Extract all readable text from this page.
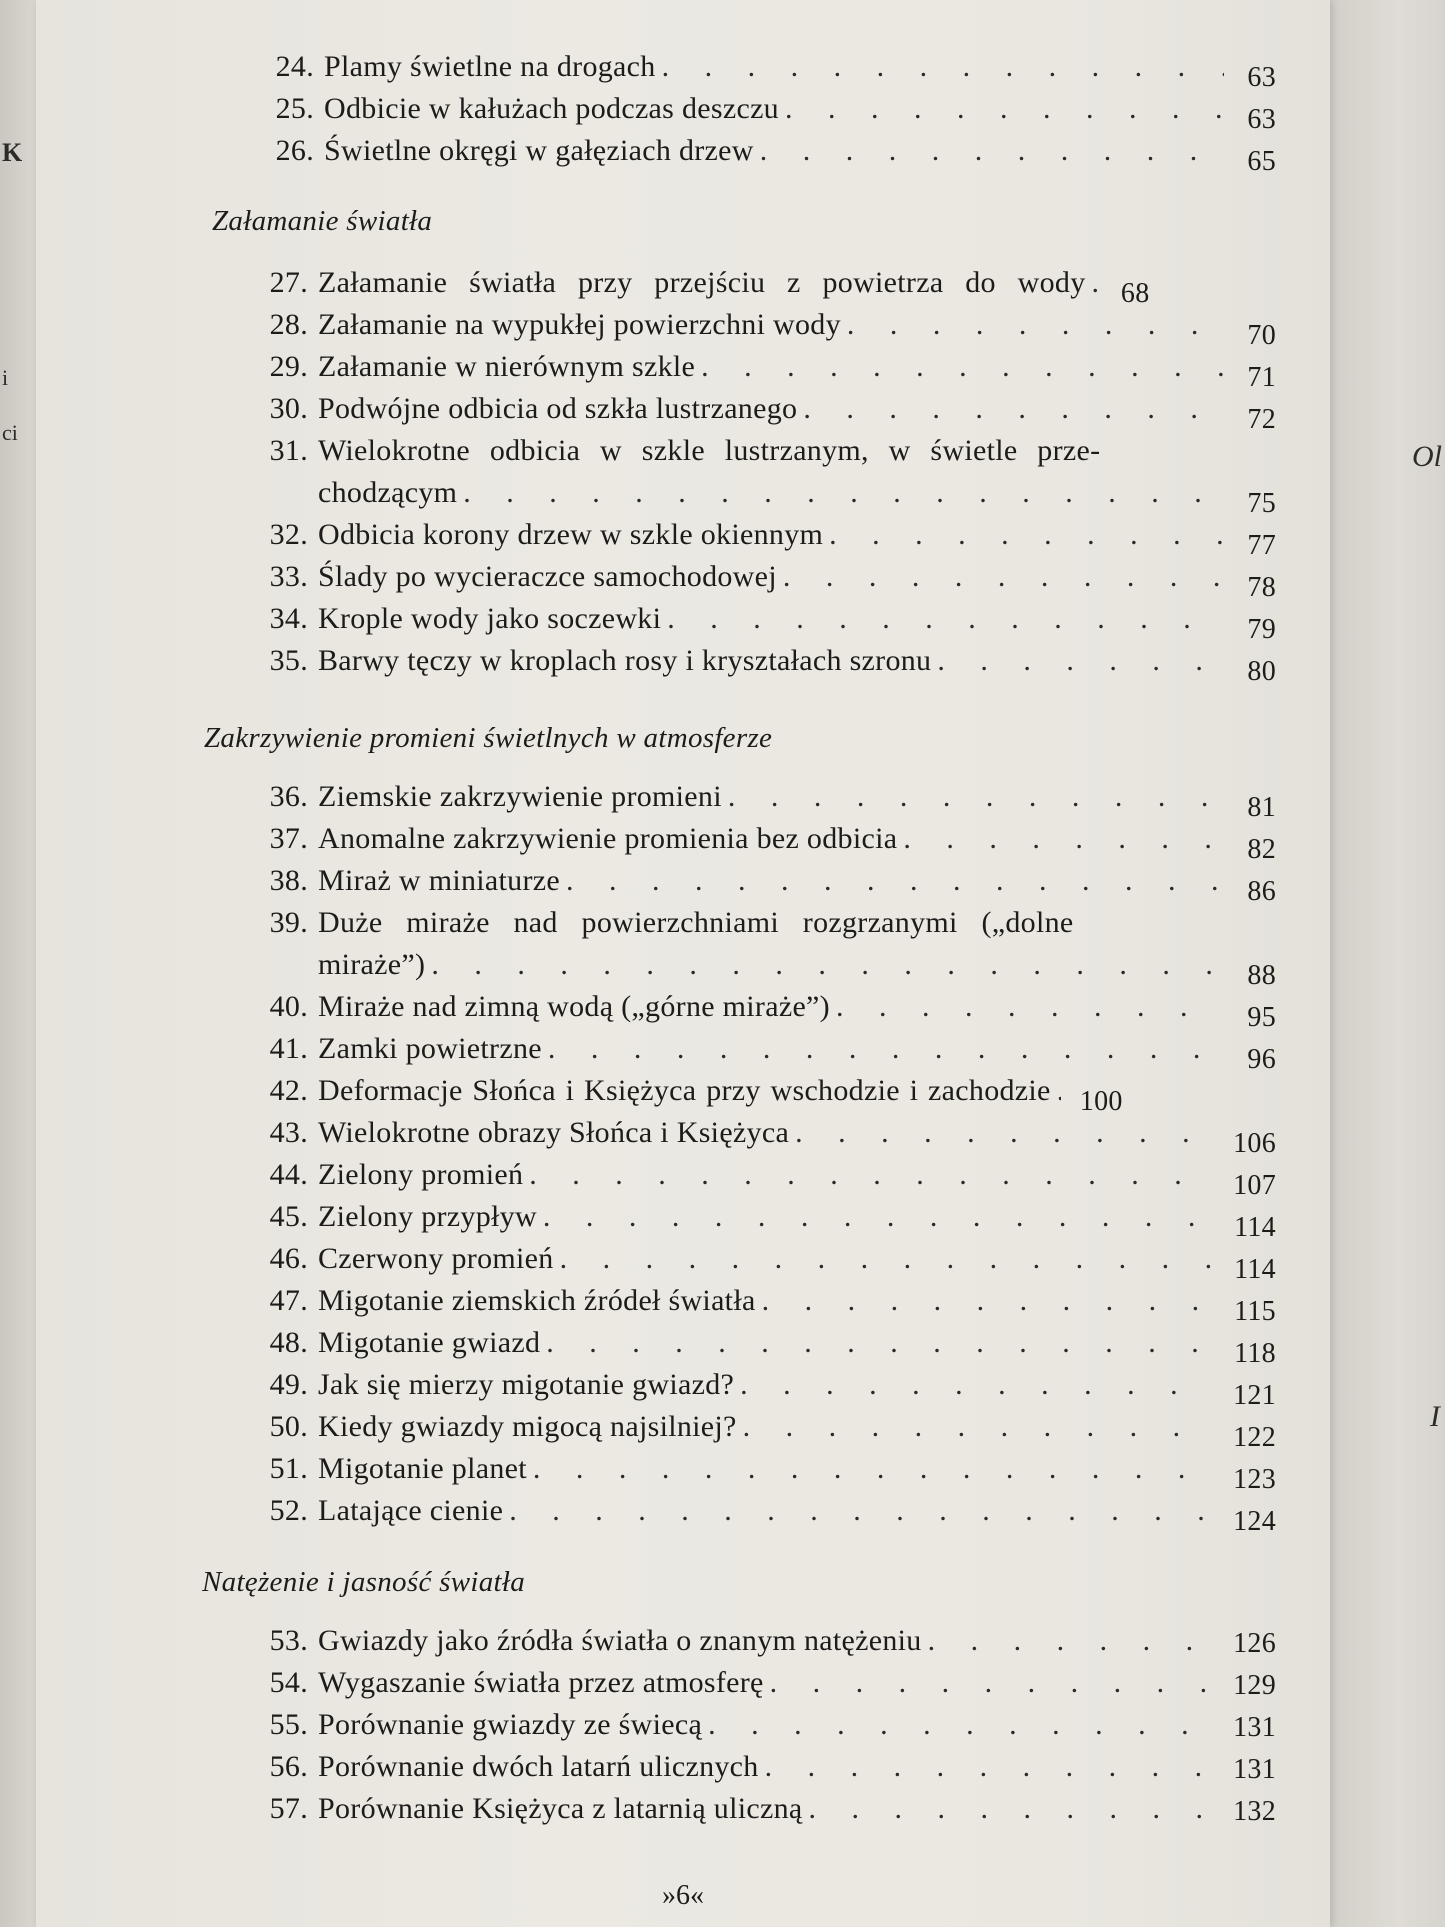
K
i
ci
Ol
I
24. Plamy świetlne na drogach . . .	63
25. Odbicie w kałużach podczas deszczu . . .	63
26. Świetlne okręgi w gałęziach drzew . . .	65
Załamanie światła
27. Załamanie światła przy przejściu z powietrza do wody . . .	68
28. Załamanie na wypukłej powierzchni wody . . .	70
29. Załamanie w nierównym szkle . . .	71
30. Podwójne odbicia od szkła lustrzanego . . .	72
31. Wielokrotne odbicia w szkle lustrzanym, w świetle prze-
chodzącym . . .	75
32. Odbicia korony drzew w szkle okiennym . . .	77
33. Ślady po wycieraczce samochodowej . . .	78
34. Krople wody jako soczewki . . .	79
35. Barwy tęczy w kroplach rosy i kryształach szronu . . .	80
Zakrzywienie promieni świetlnych w atmosferze
36. Ziemskie zakrzywienie promieni . . .	81
37. Anomalne zakrzywienie promienia bez odbicia . . .	82
38. Miraż w miniaturze . . .	86
39. Duże miraże nad powierzchniami rozgrzanymi („dolne
miraże”) . . .	88
40. Miraże nad zimną wodą („górne miraże”) . . .	95
41. Zamki powietrzne . . .	96
42. Deformacje Słońca i Księżyca przy wschodzie i zachodzie . . .	100
43. Wielokrotne obrazy Słońca i Księżyca . . .	106
44. Zielony promień . . .	107
45. Zielony przypływ . . .	114
46. Czerwony promień . . .	114
47. Migotanie ziemskich źródeł światła . . .	115
48. Migotanie gwiazd . . .	118
49. Jak się mierzy migotanie gwiazd? . . .	121
50. Kiedy gwiazdy migocą najsilniej? . . .	122
51. Migotanie planet . . .	123
52. Latające cienie . . .	124
Natężenie i jasność światła
53. Gwiazdy jako źródła światła o znanym natężeniu . . .	126
54. Wygaszanie światła przez atmosferę . . .	129
55. Porównanie gwiazdy ze świecą . . .	131
56. Porównanie dwóch latarń ulicznych . . .	131
57. Porównanie Księżyca z latarnią uliczną . . .	132
»6«
